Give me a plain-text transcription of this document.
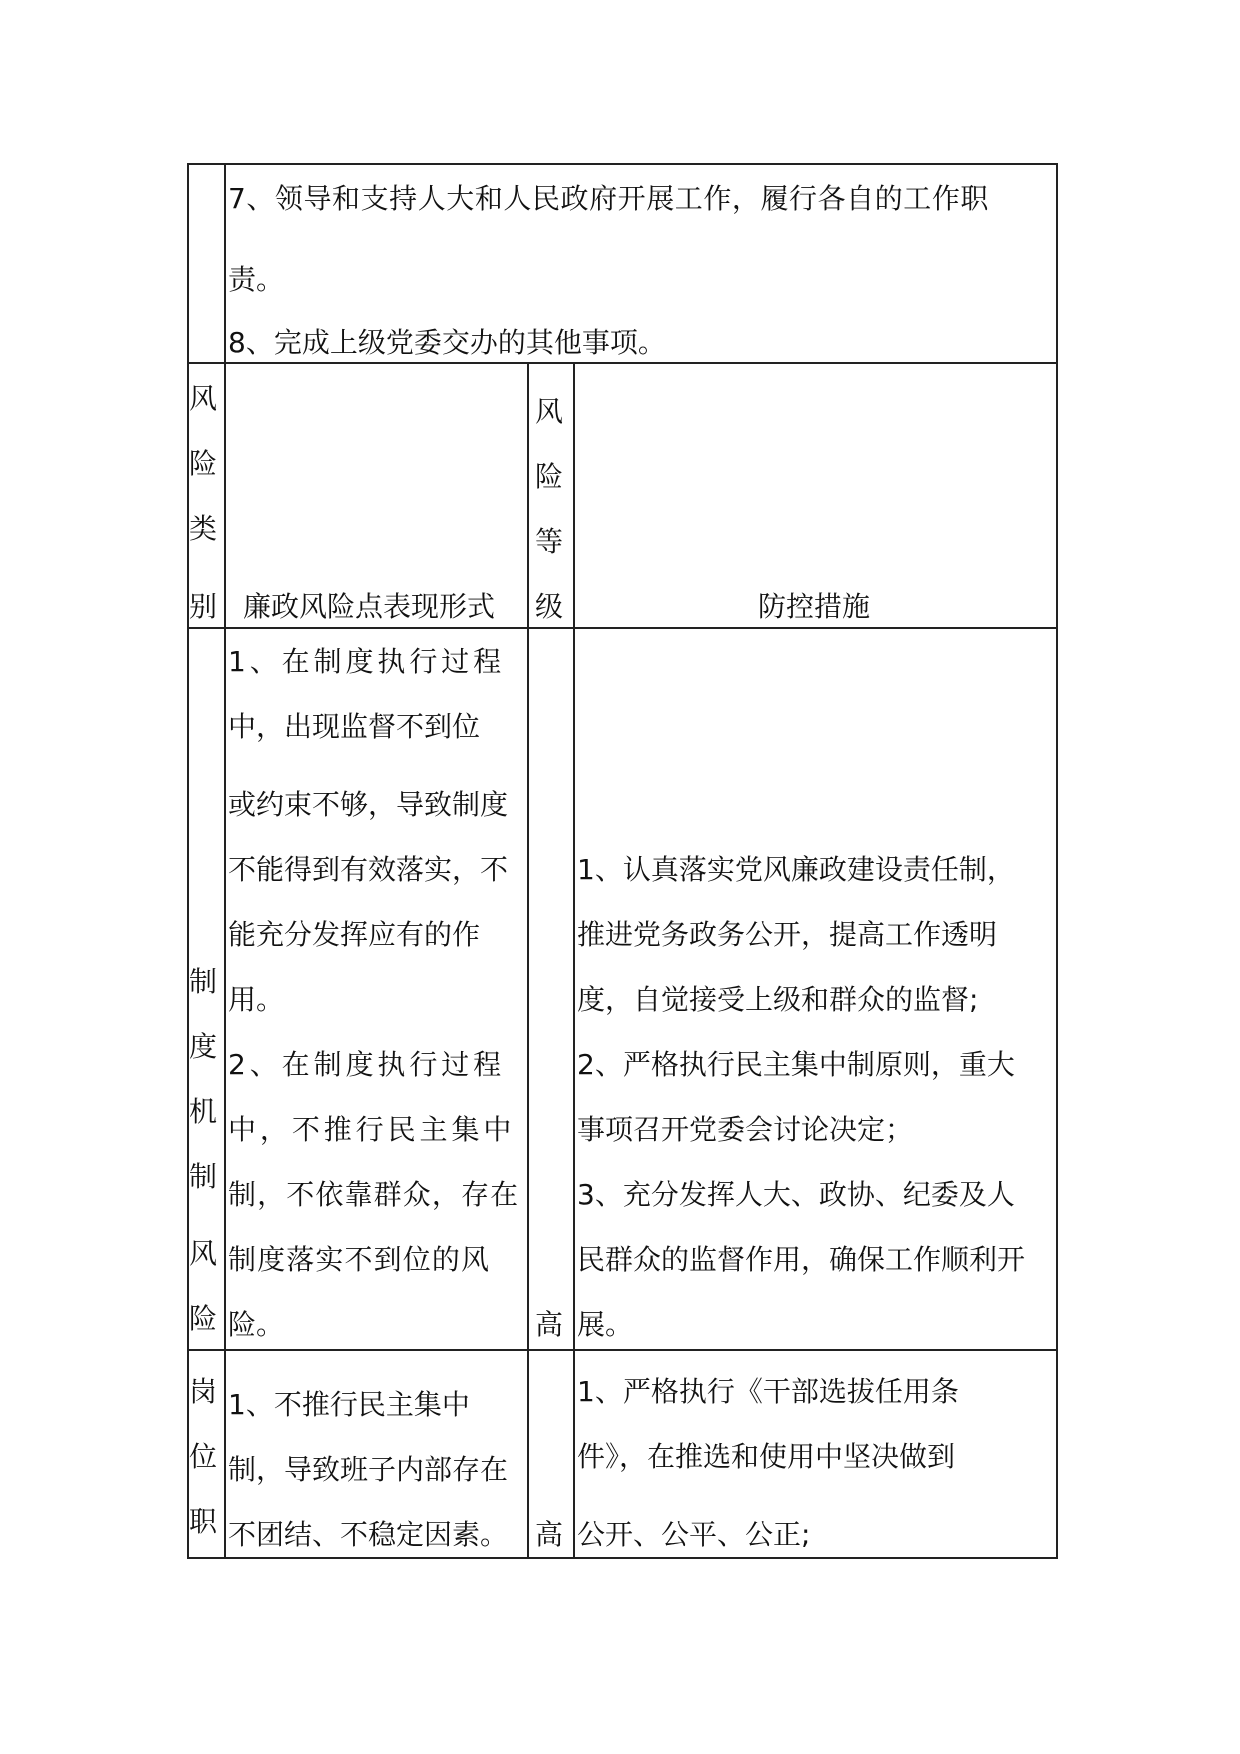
7、领导和支持人大和人民政府开展工作，履行各自的工作职
责。
8、完成上级党委交办的其他事项。
风
险
类
别 廉政风险点表现形式
风
险
等
级	防控措施
制
度
机
制
风
险
1、在制度执行过程
中，出现监督不到位
或约束不够，导致制度
不能得到有效落实，不
能充分发挥应有的作
用。
2、在制度执行过程
中，不推行民主集中
制，不依靠群众，存在
制度落实不到位的风
险。	高
1、认真落实党风廉政建设责任制，
推进党务政务公开，提高工作透明
度，自觉接受上级和群众的监督;
2、严格执行民主集中制原则，重大
事项召开党委会讨论决定；
3、充分发挥人大、政协、纪委及人
民群众的监督作用，确保工作顺利开
展。
岗
位
职
1、不推行民主集中
制，导致班子内部存在
不团结、不稳定因素。 高
1、严格执行《干部选拔任用条
件》，在推选和使用中坚决做到
公开、公平、公正;
